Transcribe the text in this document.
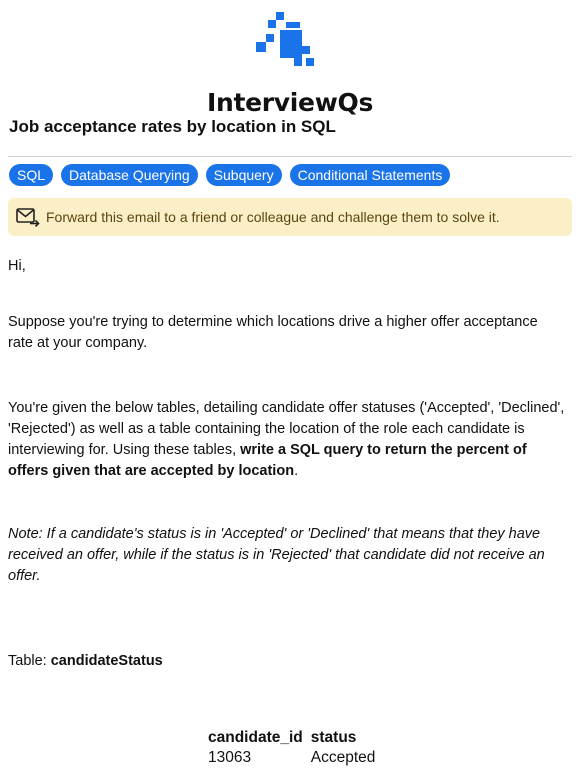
InterviewQs
Job acceptance rates by location in SQL
SQL	Database Querying	Subquery	Conditional Statements
Forward this email to a friend or colleague and challenge them to solve it.

Hi,

Suppose you're trying to determine which locations drive a higher offer acceptance rate at your company.

You're given the below tables, detailing candidate offer statuses ('Accepted', 'Declined', 'Rejected') as well as a table containing the location of the role each candidate is interviewing for. Using these tables, write a SQL query to return the percent of offers given that are accepted by location.

Note: If a candidate's status is in 'Accepted' or 'Declined' that means that they have received an offer, while if the status is in 'Rejected' that candidate did not receive an offer.

Table: candidateStatus

candidate_id	status
13063	Accepted
